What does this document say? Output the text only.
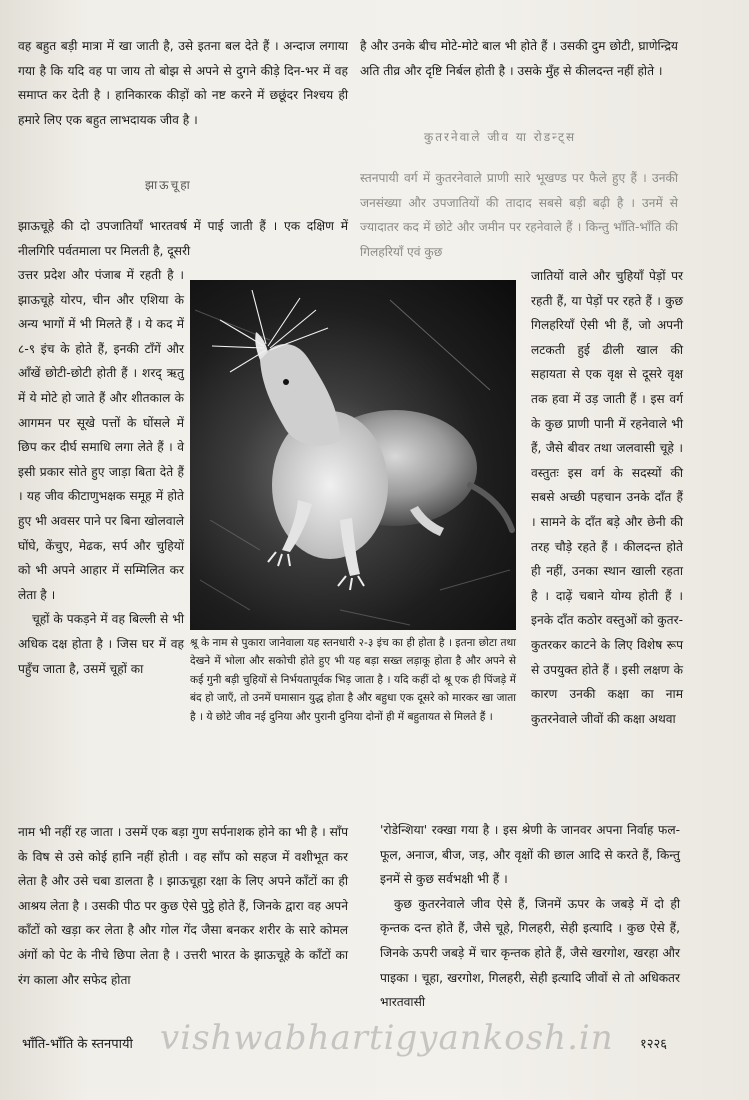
वह बहुत बड़ी मात्रा में खा जाती है, उसे इतना बल देते हैं । अन्दाज लगाया गया है कि यदि वह पा जाय तो बोझ से अपने से दुगने कीड़े दिन-भर में वह समाप्त कर देती है । हानिकारक कीड़ों को नष्ट करने में छछूंदर निश्चय ही हमारे लिए एक बहुत लाभदायक जीव है ।

झाऊचूहा

झाऊचूहे की दो उपजातियाँ भारतवर्ष में पाई जाती हैं । एक दक्षिण में नीलगिरि पर्वतमाला पर मिलती है, दूसरी

उत्तर प्रदेश और पंजाब में रहती है । झाऊचूहे योरप, चीन और एशिया के अन्य भागों में भी मिलते हैं । ये कद में ८-९ इंच के होते हैं, इनकी टाँगें और आँखें छोटी-छोटी होती हैं । शरद् ऋतु में ये मोटे हो जाते हैं और शीतकाल के आगमन पर सूखे पत्तों के घोंसले में छिप कर दीर्घ समाधि लगा लेते हैं । वे इसी प्रकार सोते हुए जाड़ा बिता देते हैं । यह जीव कीटाणुभक्षक समूह में होते हुए भी अवसर पाने पर बिना खोलवाले घोंघे, केंचुए, मेढक, सर्प और चुहियों को भी अपने आहार में सम्मिलित कर लेता है ।

चूहों के पकड़ने में वह बिल्ली से भी अधिक दक्ष होता है । जिस घर में वह पहुँच जाता है, उसमें चूहों का

नाम भी नहीं रह जाता । उसमें एक बड़ा गुण सर्पनाशक होने का भी है । साँप के विष से उसे कोई हानि नहीं होती । वह साँप को सहज में वशीभूत कर लेता है और उसे चबा डालता है । झाऊचूहा रक्षा के लिए अपने काँटों का ही आश्रय लेता है । उसकी पीठ पर कुछ ऐसे पुट्ठे होते हैं, जिनके द्वारा वह अपने काँटों को खड़ा कर लेता है और गोल गेंद जैसा बनकर शरीर के सारे कोमल अंगों को पेट के नीचे छिपा लेता है । उत्तरी भारत के झाऊचूहे के काँटों का रंग काला और सफेद होता

है और उनके बीच मोटे-मोटे बाल भी होते हैं । उसकी दुम छोटी, घ्राणेन्द्रिय अति तीव्र और दृष्टि निर्बल होती है । उसके मुँह से कीलदन्त नहीं होते ।

कुतरनेवाले जीव या रोडन्ट्स

स्तनपायी वर्ग में कुतरनेवाले प्राणी सारे भूखण्ड पर फैले हुए हैं । उनकी जनसंख्या और उपजातियों की तादाद सबसे बड़ी बढ़ी है । उनमें से ज्यादातर कद में छोटे और जमीन पर रहनेवाले हैं । किन्तु भाँति-भाँति की गिलहरियाँ एवं कुछ

जातियों वाले और चुहियाँ पेड़ों पर रहती हैं, या पेड़ों पर रहते हैं । कुछ गिलहरियाँ ऐसी भी हैं, जो अपनी लटकती हुई ढीली खाल की सहायता से एक वृक्ष से दूसरे वृक्ष तक हवा में उड़ जाती हैं । इस वर्ग के कुछ प्राणी पानी में रहनेवाले भी हैं, जैसे बीवर तथा जलवासी चूहे । वस्तुतः इस वर्ग के सदस्यों की सबसे अच्छी पहचान उनके दाँत हैं । सामने के दाँत बड़े और छेनी की तरह चौड़े रहते हैं । कीलदन्त होते ही नहीं, उनका स्थान खाली रहता है । दाढ़ें चबाने योग्य होती हैं । इनके दाँत कठोर वस्तुओं को कुतर-कुतरकर काटने के लिए विशेष रूप से उपयुक्त होते हैं । इसी लक्षण के कारण उनकी कक्षा का नाम कुतरनेवाले जीवों की कक्षा अथवा

'रोडेन्शिया' रक्खा गया है । इस श्रेणी के जानवर अपना निर्वाह फल-फूल, अनाज, बीज, जड़, और वृक्षों की छाल आदि से करते हैं, किन्तु इनमें से कुछ सर्वभक्षी भी हैं ।

कुछ कुतरनेवाले जीव ऐसे हैं, जिनमें ऊपर के जबड़े में दो ही कृन्तक दन्त होते हैं, जैसे चूहे, गिलहरी, सेही इत्यादि । कुछ ऐसे हैं, जिनके ऊपरी जबड़े में चार कृन्तक होते हैं, जैसे खरगोश, खरहा और पाइका । चूहा, खरगोश, गिलहरी, सेही इत्यादि जीवों से तो अधिकतर भारतवासी

श्रू के नाम से पुकारा जानेवाला यह स्तनधारी २-३ इंच का ही होता है । इतना छोटा तथा देखने में भोला और सकोची होते हुए भी यह बड़ा सख्त लड़ाकू होता है और अपने से कई गुनी बड़ी चुहियों से निर्भयतापूर्वक भिड़ जाता है । यदि कहीं दो श्रू एक ही पिंजड़े में बंद हो जाएँ, तो उनमें घमासान युद्ध होता है और बहुधा एक दूसरे को मारकर खा जाता है । ये छोटे जीव नई दुनिया और पुरानी दुनिया दोनों ही में बहुतायत से मिलते हैं ।

भाँति-भाँति के स्तनपायी	१२२६
vishwabhartigyankosh.in
